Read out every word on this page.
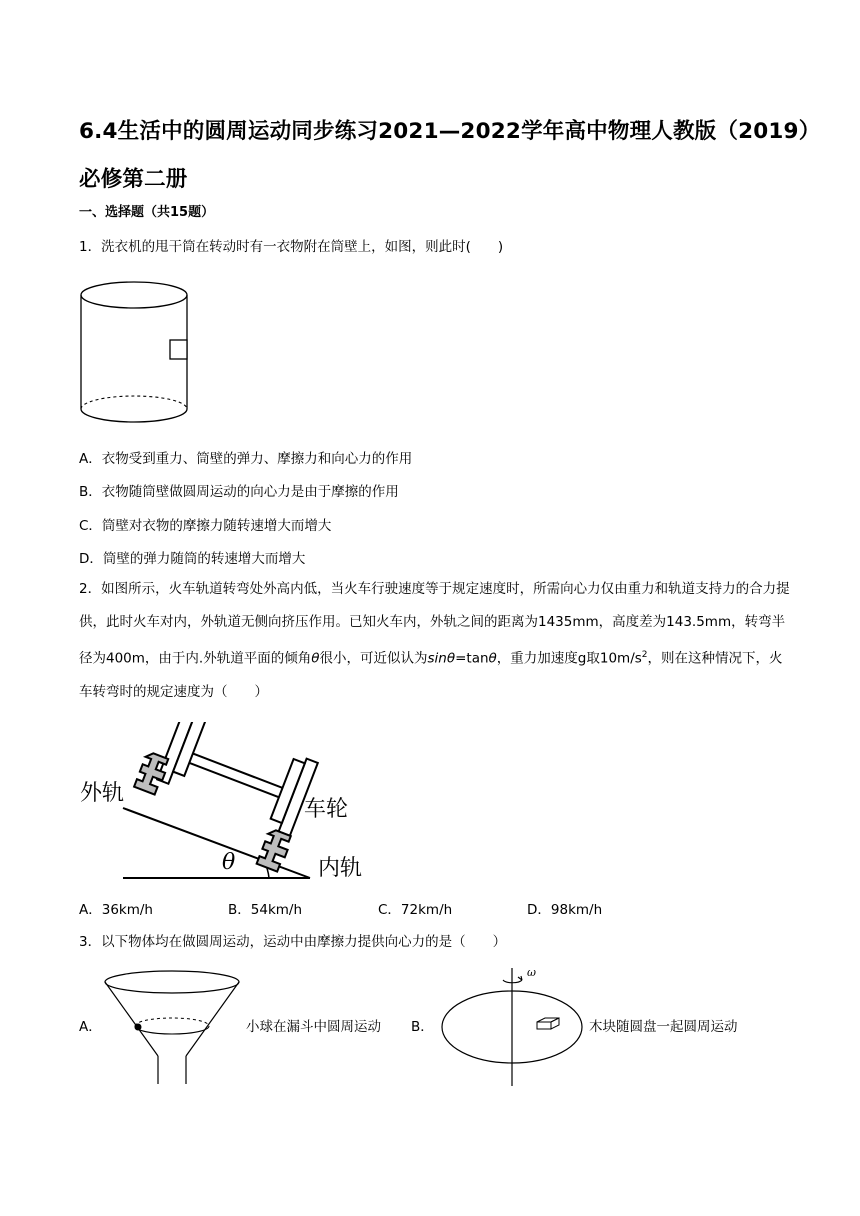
6.4生活中的圆周运动同步练习2021—2022学年高中物理人教版（2019）
必修第二册
一、选择题（共15题）
1．洗衣机的甩干筒在转动时有一衣物附在筒壁上，如图，则此时(　　)
A．衣物受到重力、筒壁的弹力、摩擦力和向心力的作用
B．衣物随筒壁做圆周运动的向心力是由于摩擦的作用
C．筒壁对衣物的摩擦力随转速增大而增大
D．筒壁的弹力随筒的转速增大而增大
2．如图所示，火车轨道转弯处外高内低，当火车行驶速度等于规定速度时，所需向心力仅由重力和轨道支持力的合力提供，此时火车对内，外轨道无侧向挤压作用。已知火车内，外轨之间的距离为1435mm，高度差为143.5mm，转弯半径为400m，由于内.外轨道平面的倾角θ很小，可近似认为sinθ=tanθ，重力加速度g取$10m/s^2$，则在这种情况下，火车转弯时的规定速度为（　　）
外轨
车轮
内轨
θ
A．36km/h	B．54km/h	C．72km/h	D．98km/h
3．以下物体均在做圆周运动，运动中由摩擦力提供向心力的是（　　）
A．	小球在漏斗中圆周运动 B．
ω
木块随圆盘一起圆周运动
